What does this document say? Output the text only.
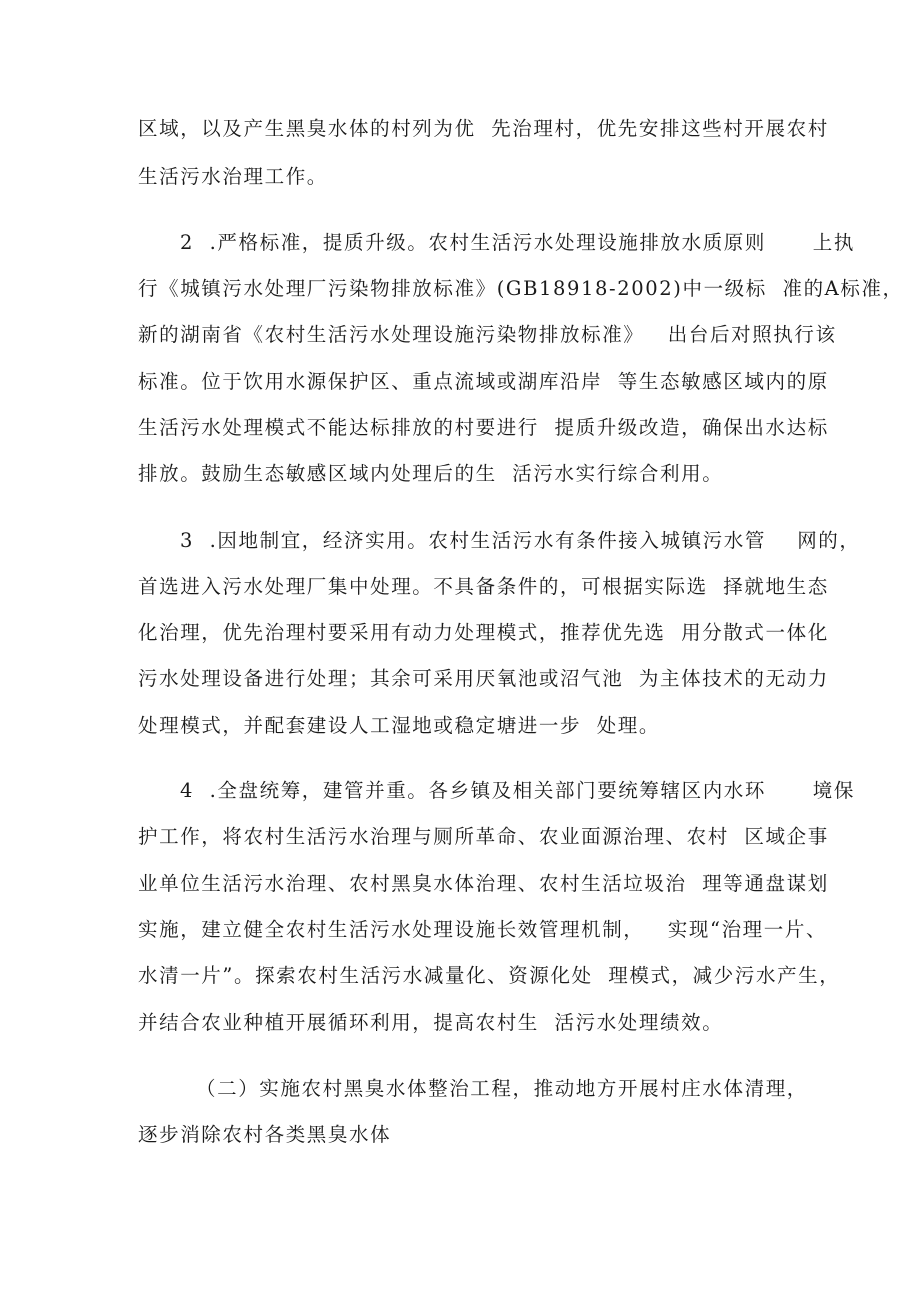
区域，以及产生黑臭水体的村列为优  先治理村，优先安排这些村开展农村
生活污水治理工作。
2  .严格标准，提质升级。农村生活污水处理设施排放水质原则      上执
行《城镇污水处理厂污染物排放标准》(GB18918-2002)中一级标  准的A标准，
新的湖南省《农村生活污水处理设施污染物排放标准》   出台后对照执行该
标准。位于饮用水源保护区、重点流域或湖库沿岸  等生态敏感区域内的原
生活污水处理模式不能达标排放的村要进行  提质升级改造，确保出水达标
排放。鼓励生态敏感区域内处理后的生  活污水实行综合利用。
3  .因地制宜，经济实用。农村生活污水有条件接入城镇污水管    网的，
首选进入污水处理厂集中处理。不具备条件的，可根据实际选  择就地生态
化治理，优先治理村要采用有动力处理模式，推荐优先选  用分散式一体化
污水处理设备进行处理；其余可采用厌氧池或沼气池  为主体技术的无动力
处理模式，并配套建设人工湿地或稳定塘进一步  处理。
4  .全盘统筹，建管并重。各乡镇及相关部门要统筹辖区内水环      境保
护工作，将农村生活污水治理与厕所革命、农业面源治理、农村  区域企事
业单位生活污水治理、农村黑臭水体治理、农村生活垃圾治  理等通盘谋划
实施，建立健全农村生活污水处理设施长效管理机制，   实现“治理一片、
水清一片”。探索农村生活污水减量化、资源化处  理模式，减少污水产生，
并结合农业种植开展循环利用，提高农村生  活污水处理绩效。
（二）实施农村黑臭水体整治工程，推动地方开展村庄水体清理，
逐步消除农村各类黑臭水体
